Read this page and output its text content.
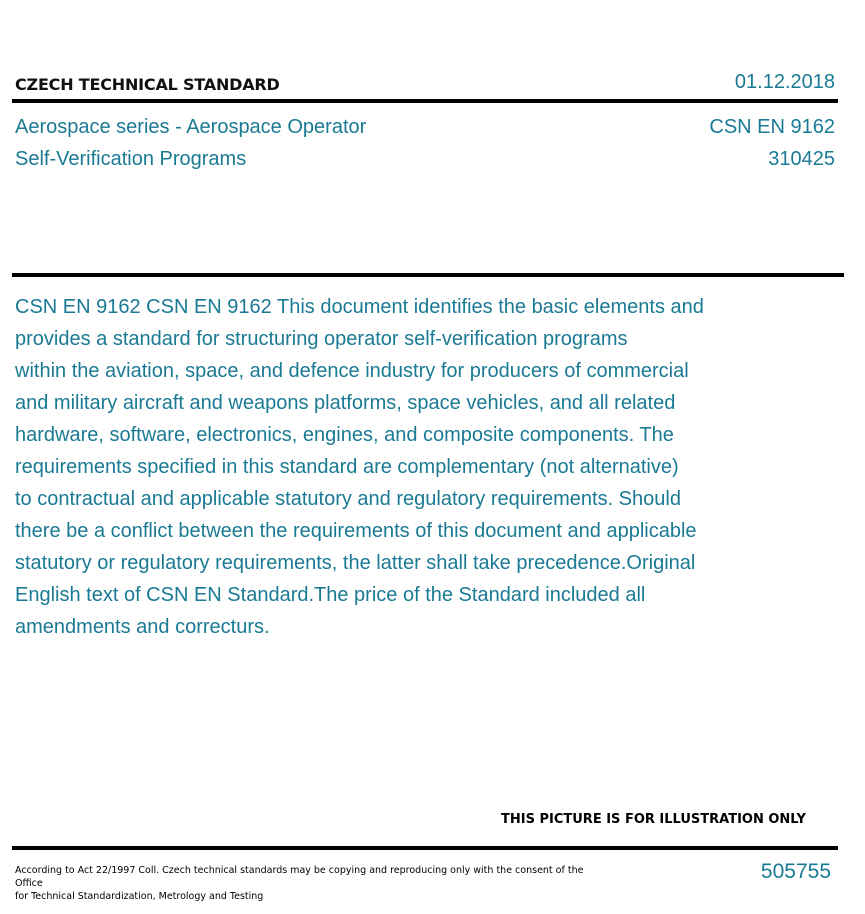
CZECH TECHNICAL STANDARD	01.12.2018
Aerospace series - Aerospace Operator
Self-Verification Programs
CSN EN 9162
310425
CSN EN 9162 CSN EN 9162 This document identifies the basic elements and
provides a standard for structuring operator self-verification programs
within the aviation, space, and defence industry for producers of commercial
and military aircraft and weapons platforms, space vehicles, and all related
hardware, software, electronics, engines, and composite components. The
requirements specified in this standard are complementary (not alternative)
to contractual and applicable statutory and regulatory requirements. Should
there be a conflict between the requirements of this document and applicable
statutory or regulatory requirements, the latter shall take precedence.Original
English text of CSN EN Standard.The price of the Standard included all
amendments and correcturs.
THIS PICTURE IS FOR ILLUSTRATION ONLY
According to Act 22/1997 Coll. Czech technical standards may be copying and reproducing only with the consent of the Office
for Technical Standardization, Metrology and Testing
505755
